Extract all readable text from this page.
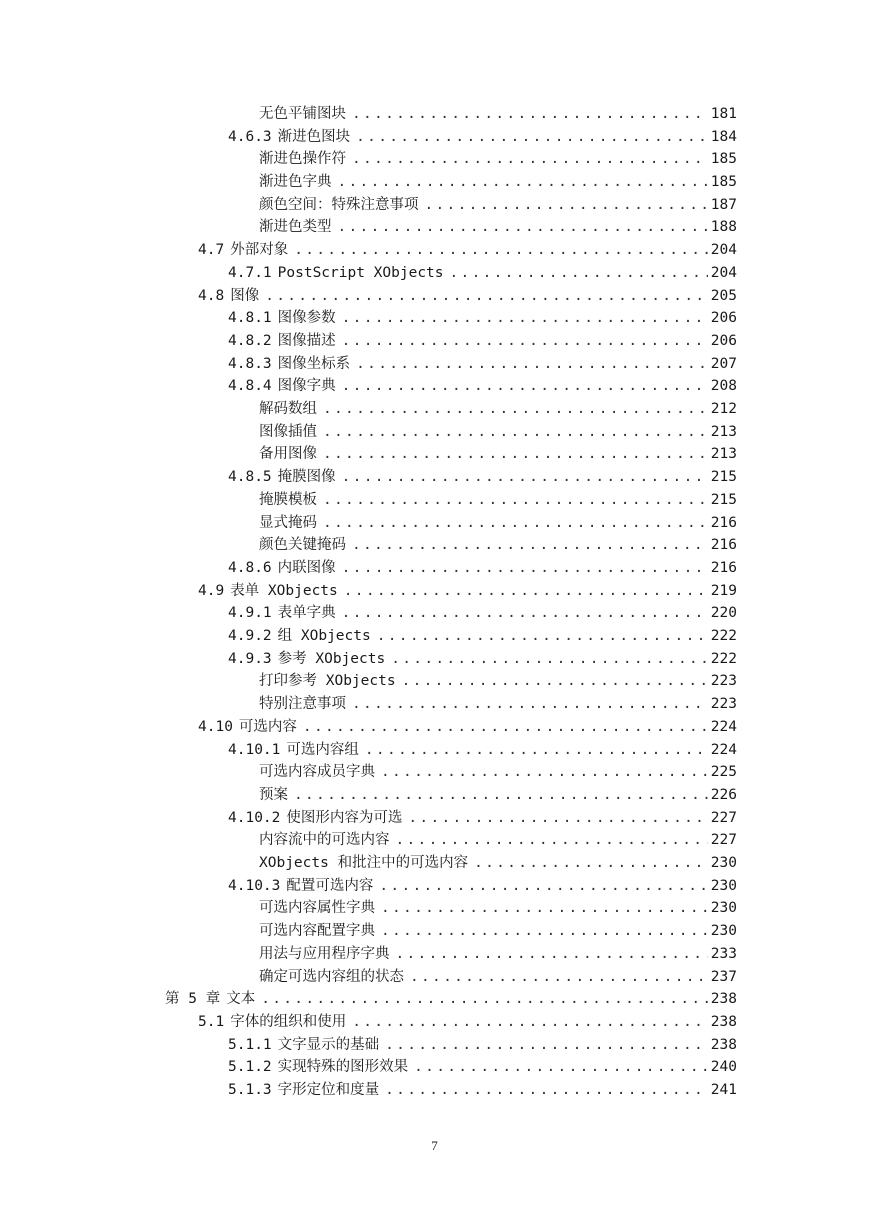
无色平铺图块 .....	181
4.6.3 渐进色图块 .....	184
渐进色操作符 .....	185
渐进色字典 .....	185
颜色空间：特殊注意事项 .....	187
渐进色类型 .....	188
4.7 外部对象 .....	204
4.7.1 PostScript XObjects .....	204
4.8 图像 .....	205
4.8.1 图像参数 .....	206
4.8.2 图像描述 .....	206
4.8.3 图像坐标系 .....	207
4.8.4 图像字典 .....	208
解码数组 .....	212
图像插值 .....	213
备用图像 .....	213
4.8.5 掩膜图像 .....	215
掩膜模板 .....	215
显式掩码 .....	216
颜色关键掩码 .....	216
4.8.6 内联图像 .....	216
4.9 表单 XObjects .....	219
4.9.1 表单字典 .....	220
4.9.2 组 XObjects .....	222
4.9.3 参考 XObjects .....	222
打印参考 XObjects .....	223
特别注意事项 .....	223
4.10 可选内容 .....	224
4.10.1 可选内容组 .....	224
可选内容成员字典 .....	225
预案 .....	226
4.10.2 使图形内容为可选 .....	227
内容流中的可选内容 .....	227
XObjects 和批注中的可选内容 .....	230
4.10.3 配置可选内容 .....	230
可选内容属性字典 .....	230
可选内容配置字典 .....	230
用法与应用程序字典 .....	233
确定可选内容组的状态 .....	237
第 5 章 文本 .....	238
5.1 字体的组织和使用 .....	238
5.1.1 文字显示的基础 .....	238
5.1.2 实现特殊的图形效果 .....	240
5.1.3 字形定位和度量 .....	241
7
